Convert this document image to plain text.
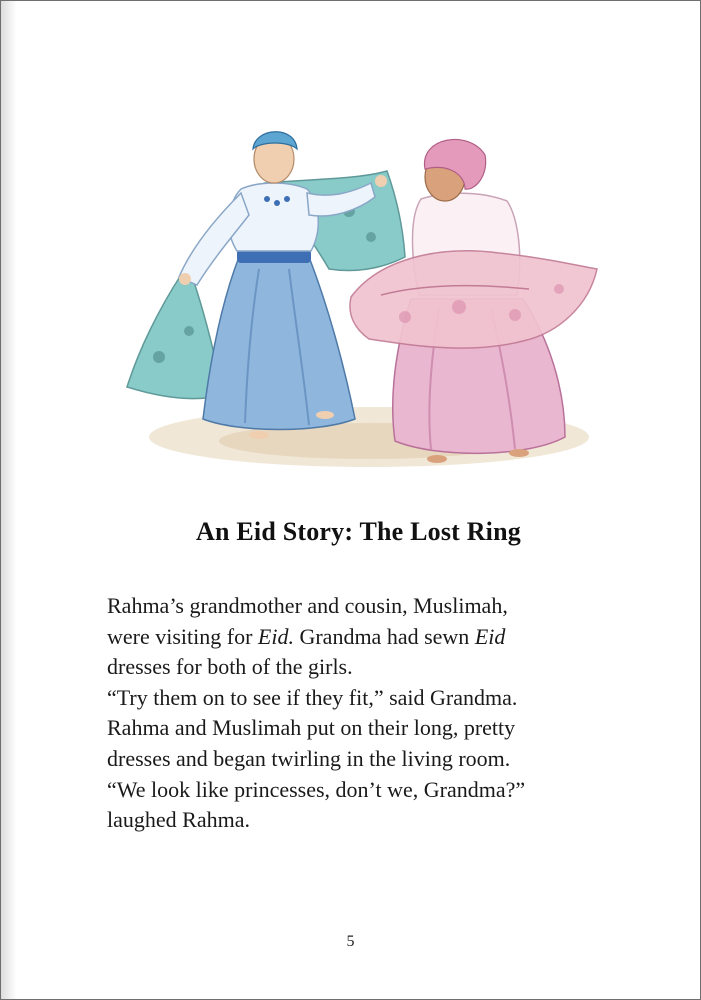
An Eid Story: The Lost Ring
Rahma’s grandmother and cousin, Muslimah,
were visiting for Eid. Grandma had sewn Eid
dresses for both of the girls.
“Try them on to see if they fit,” said Grandma.
Rahma and Muslimah put on their long, pretty
dresses and began twirling in the living room.
“We look like princesses, don’t we, Grandma?”
laughed Rahma.
5
